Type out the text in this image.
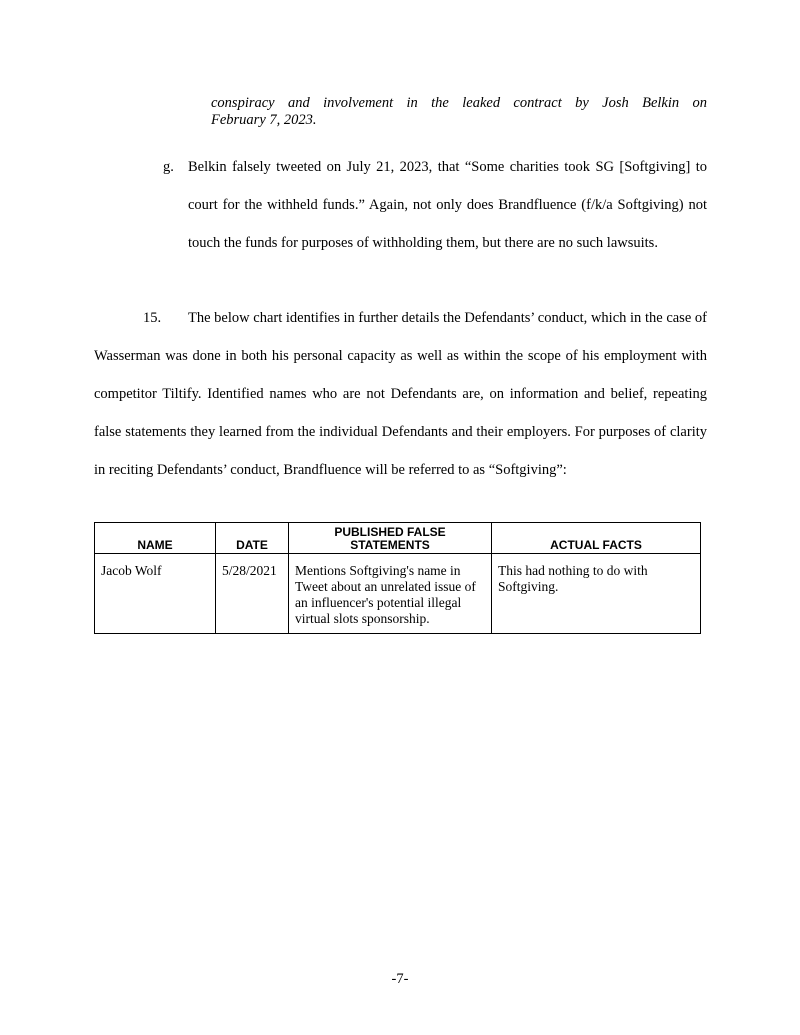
conspiracy and involvement in the leaked contract by Josh Belkin on

February 7, 2023.

g. Belkin falsely tweeted on July 21, 2023, that “Some charities took SG [Softgiving] to court for the withheld funds.” Again, not only does Brandfluence (f/k/a Softgiving) not touch the funds for purposes of withholding them, but there are no such lawsuits.
15. The below chart identifies in further details the Defendants’ conduct, which in the case of Wasserman was done in both his personal capacity as well as within the scope of his employment with competitor Tiltify. Identified names who are not Defendants are, on information and belief, repeating false statements they learned from the individual Defendants and their employers. For purposes of clarity in reciting Defendants’ conduct, Brandfluence will be referred to as “Softgiving”:
NAME	DATE	PUBLISHED FALSE STATEMENTS	ACTUAL FACTS
Jacob Wolf	5/28/2021	Mentions Softgiving's name in Tweet about an unrelated issue of an influencer's potential illegal virtual slots sponsorship.	This had nothing to do with Softgiving.
-7-
